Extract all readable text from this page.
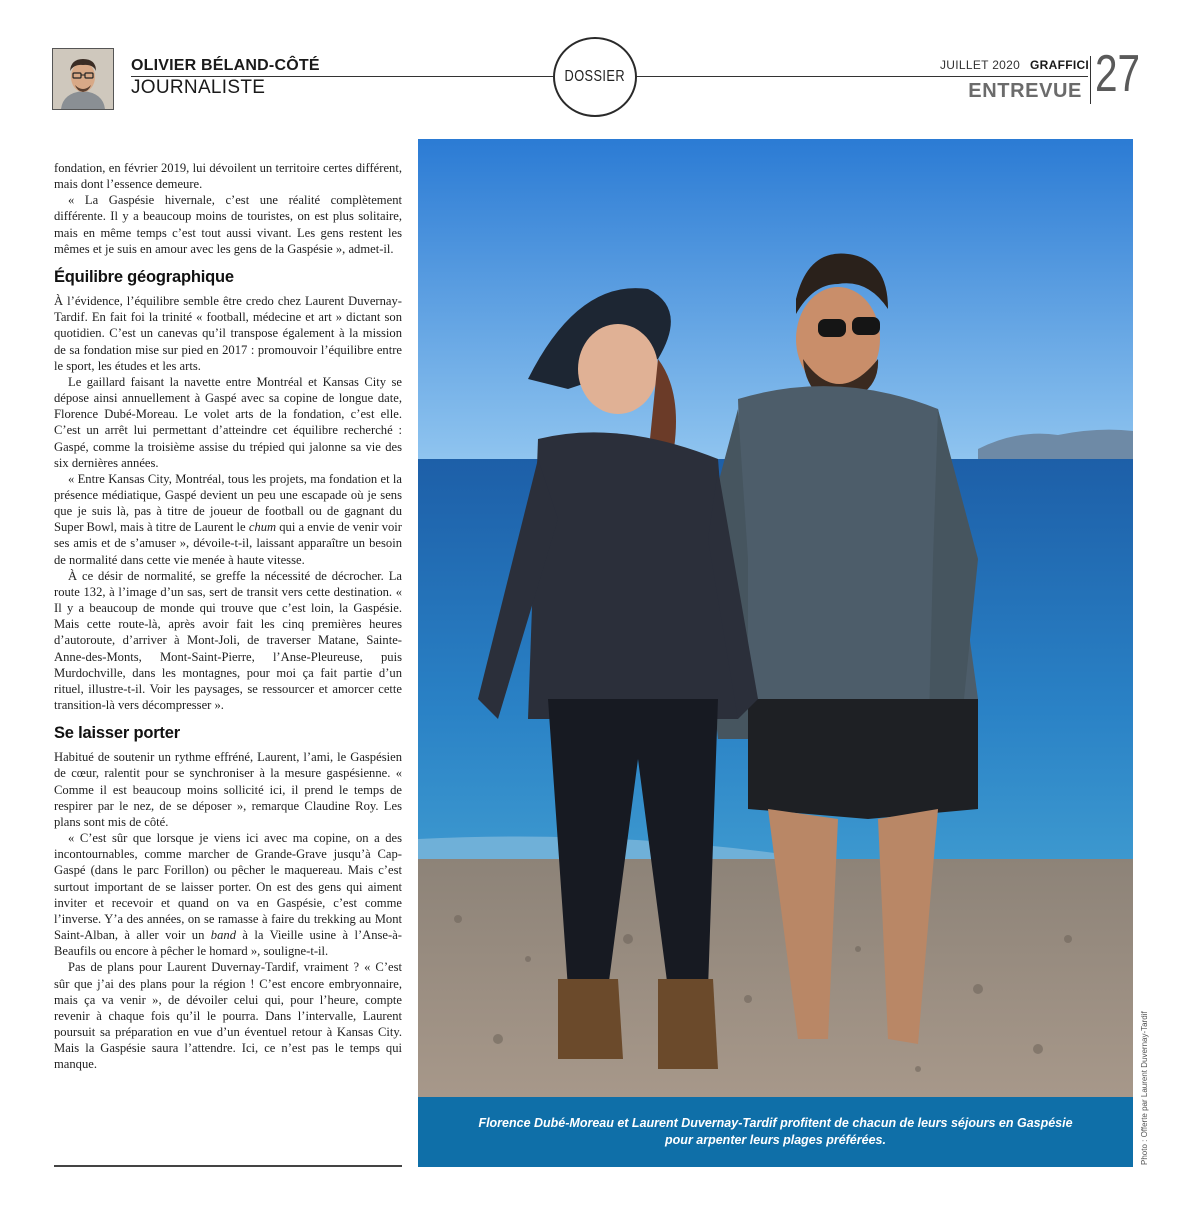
OLIVIER BÉLAND-CÔTÉ
JOURNALISTE
DOSSIER
JUILLET 2020 GRAFFICI
ENTREVUE 27

fondation, en février 2019, lui dévoilent un territoire certes différent, mais dont l’essence demeure.

« La Gaspésie hivernale, c’est une réalité complètement différente. Il y a beaucoup moins de touristes, on est plus solitaire, mais en même temps c’est tout aussi vivant. Les gens restent les mêmes et je suis en amour avec les gens de la Gaspésie », admet-il.

Équilibre géographique

À l’évidence, l’équilibre semble être credo chez Laurent Duvernay-Tardif. En fait foi la trinité « football, médecine et art » dictant son quotidien. C’est un canevas qu’il transpose également à la mission de sa fondation mise sur pied en 2017 : promouvoir l’équilibre entre le sport, les études et les arts.

Le gaillard faisant la navette entre Montréal et Kansas City se dépose ainsi annuellement à Gaspé avec sa copine de longue date, Florence Dubé-Moreau. Le volet arts de la fondation, c’est elle. C’est un arrêt lui permettant d’atteindre cet équilibre recherché : Gaspé, comme la troisième assise du trépied qui jalonne sa vie des six dernières années.

« Entre Kansas City, Montréal, tous les projets, ma fondation et la présence médiatique, Gaspé devient un peu une escapade où je sens que je suis là, pas à titre de joueur de football ou de gagnant du Super Bowl, mais à titre de Laurent le chum qui a envie de venir voir ses amis et de s’amuser », dévoile-t-il, laissant apparaître un besoin de normalité dans cette vie menée à haute vitesse.

À ce désir de normalité, se greffe la nécessité de décrocher. La route 132, à l’image d’un sas, sert de transit vers cette destination. « Il y a beaucoup de monde qui trouve que c’est loin, la Gaspésie. Mais cette route-là, après avoir fait les cinq premières heures d’autoroute, d’arriver à Mont-Joli, de traverser Matane, Sainte-Anne-des-Monts, Mont-Saint-Pierre, l’Anse-Pleureuse, puis Murdochville, dans les montagnes, pour moi ça fait partie d’un rituel, illustre-t-il. Voir les paysages, se ressourcer et amorcer cette transition-là vers décompresser ».

Se laisser porter

Habitué de soutenir un rythme effréné, Laurent, l’ami, le Gaspésien de cœur, ralentit pour se synchroniser à la mesure gaspésienne. « Comme il est beaucoup moins sollicité ici, il prend le temps de respirer par le nez, de se déposer », remarque Claudine Roy. Les plans sont mis de côté.

« C’est sûr que lorsque je viens ici avec ma copine, on a des incontournables, comme marcher de Grande-Grave jusqu’à Cap-Gaspé (dans le parc Forillon) ou pêcher le maquereau. Mais c’est surtout important de se laisser porter. On est des gens qui aiment inviter et recevoir et quand on va en Gaspésie, c’est comme l’inverse. Y’a des années, on se ramasse à faire du trekking au Mont Saint-Alban, à aller voir un band à la Vieille usine à l’Anse-à-Beaufils ou encore à pêcher le homard », souligne-t-il.

Pas de plans pour Laurent Duvernay-Tardif, vraiment ? « C’est sûr que j’ai des plans pour la région ! C’est encore embryonnaire, mais ça va venir », de dévoiler celui qui, pour l’heure, compte revenir à chaque fois qu’il le pourra. Dans l’intervalle, Laurent poursuit sa préparation en vue d’un éventuel retour à Kansas City. Mais la Gaspésie saura l’attendre. Ici, ce n’est pas le temps qui manque.

Florence Dubé-Moreau et Laurent Duvernay-Tardif profitent de chacun de leurs séjours en Gaspésie
pour arpenter leurs plages préférées.	Photo : Offerte par Laurent Duvernay-Tardif
